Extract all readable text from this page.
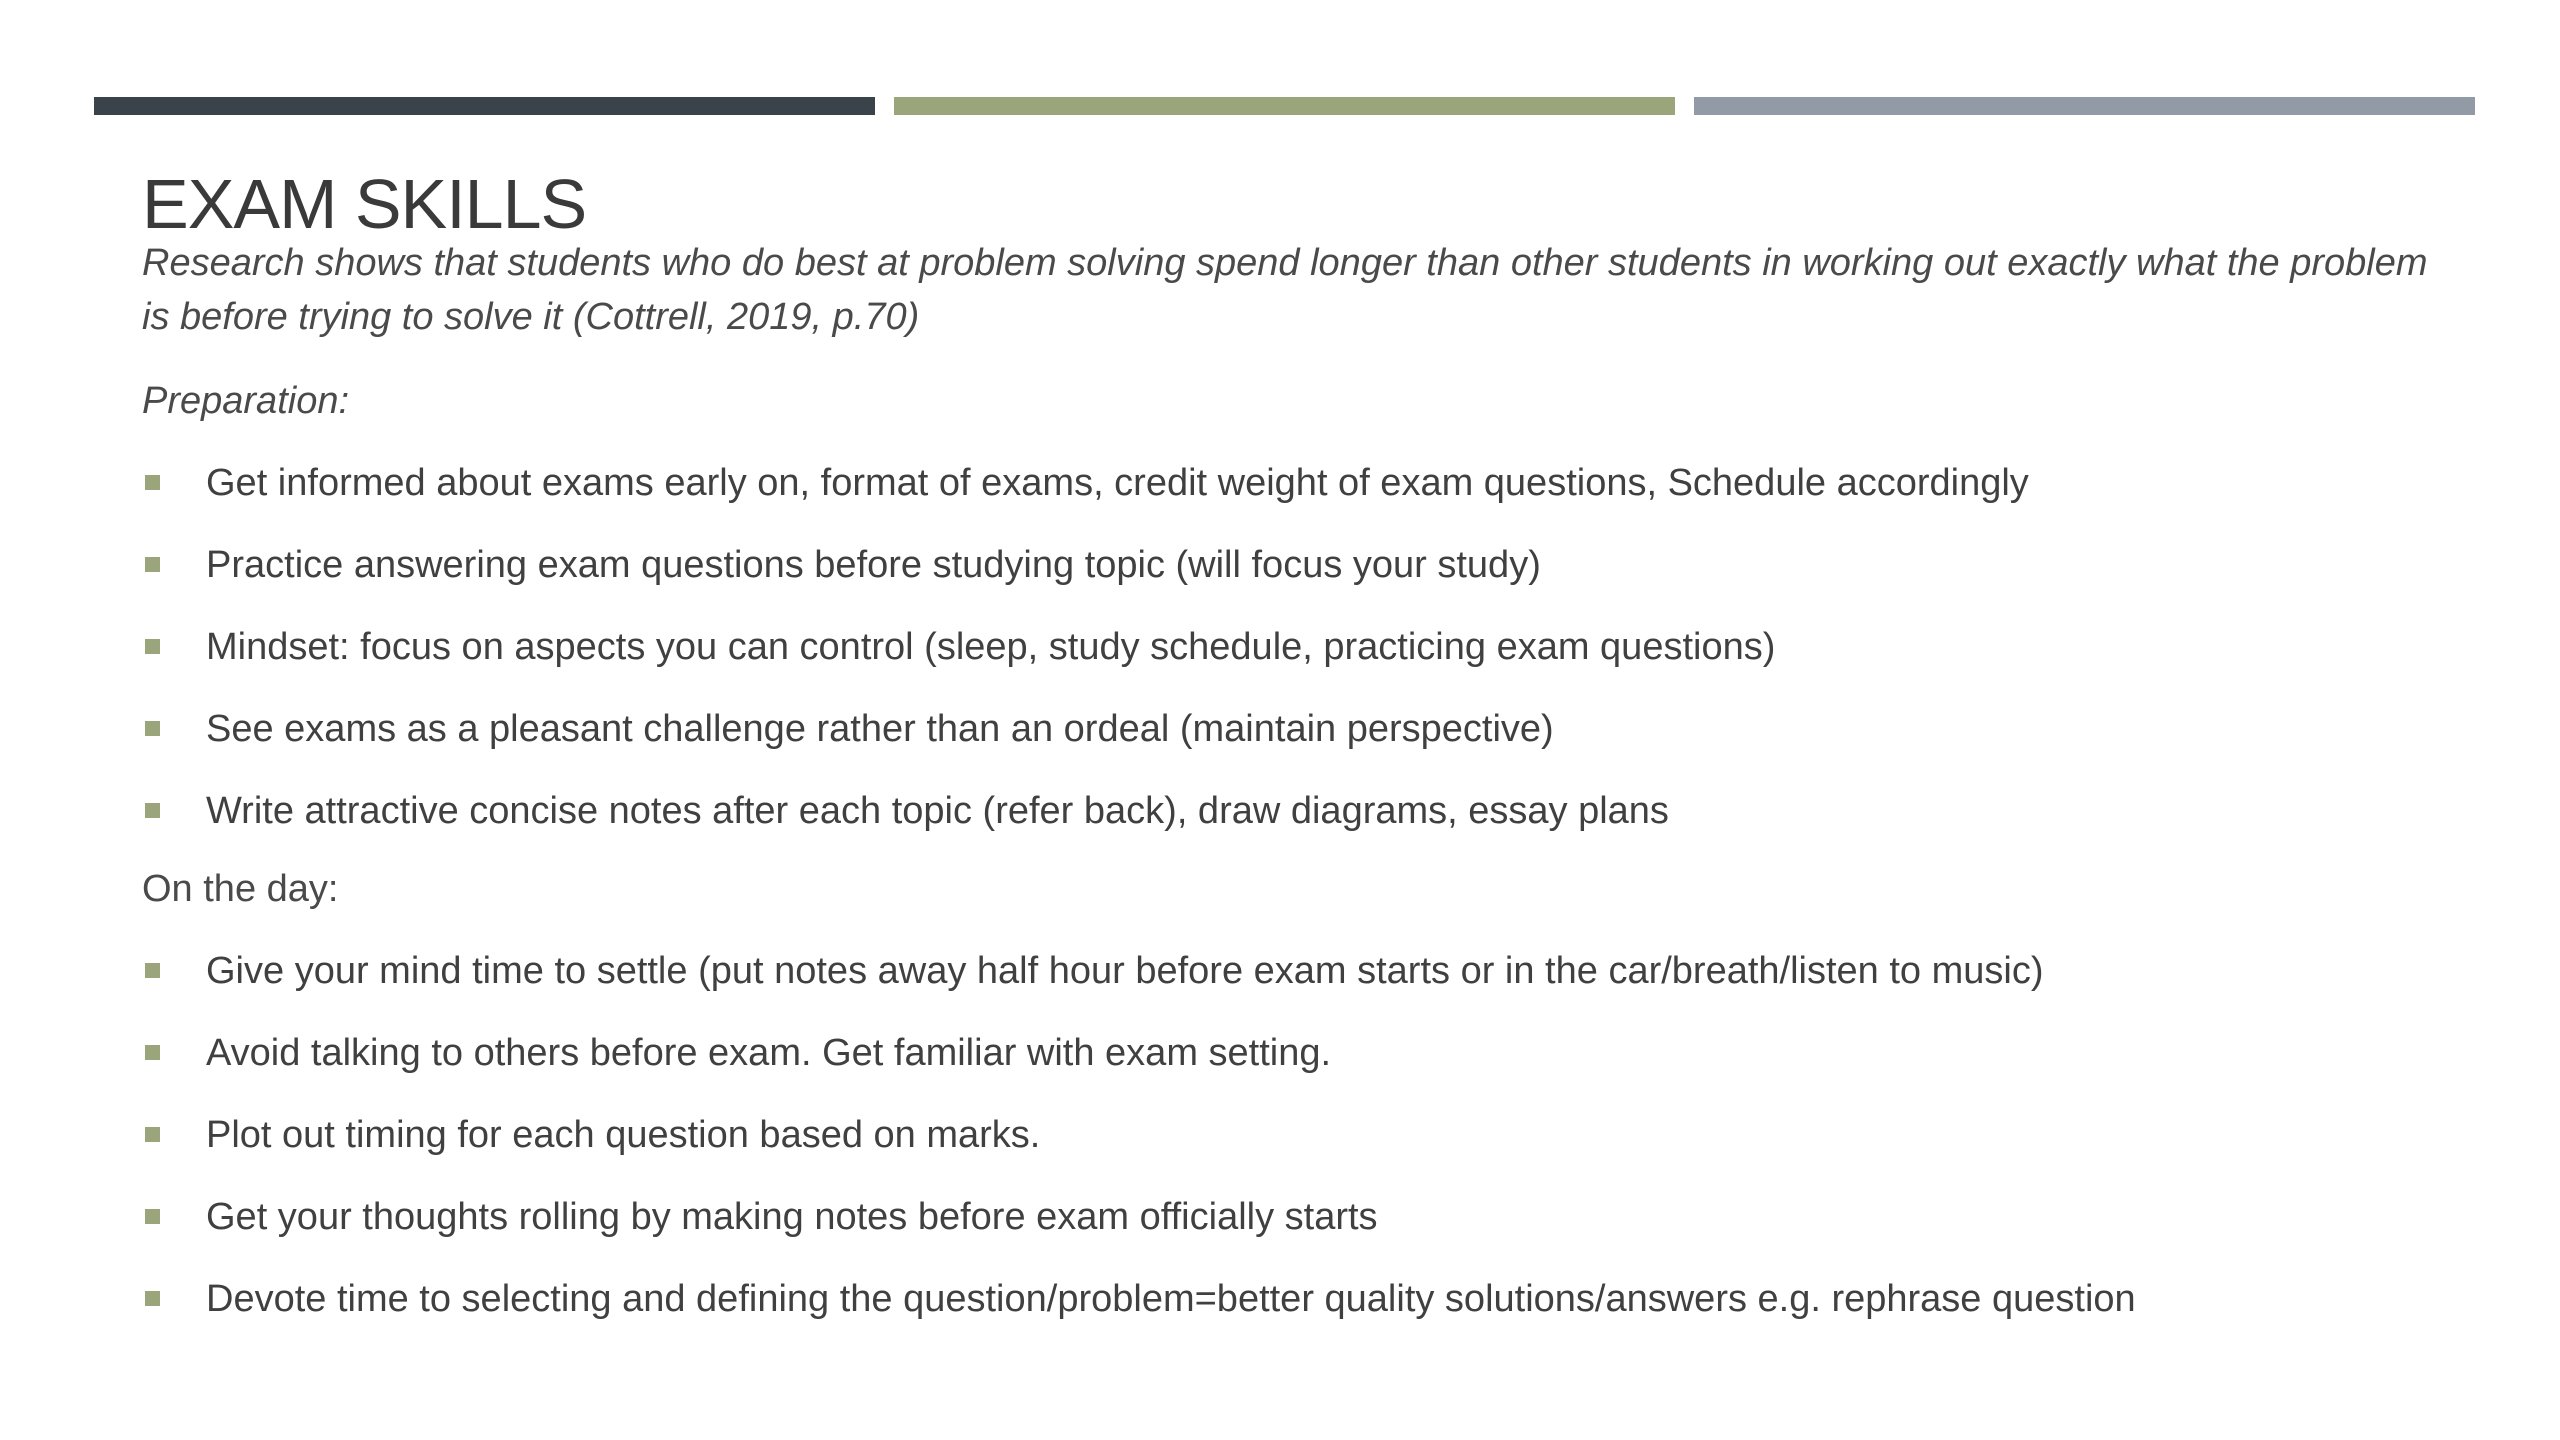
EXAM SKILLS
Research shows that students who do best at problem solving spend longer than other students in working out exactly what the problem is before trying to solve it (Cottrell, 2019, p.70)
Preparation:
Get informed about exams early on, format of exams, credit weight of exam questions, Schedule accordingly
Practice answering exam questions before studying topic (will focus your study)
Mindset: focus on aspects you can control (sleep, study schedule, practicing exam questions)
See exams as a pleasant challenge rather than an ordeal (maintain perspective)
Write attractive concise notes after each topic (refer back), draw diagrams, essay plans
On the day:
Give your mind time to settle (put notes away half hour before exam starts or in the car/breath/listen to music)
Avoid talking to others before exam. Get familiar with exam setting.
Plot out timing for each question based on marks.
Get your thoughts rolling by making notes before exam officially starts
Devote time to selecting and defining the question/problem=better quality solutions/answers e.g. rephrase question
